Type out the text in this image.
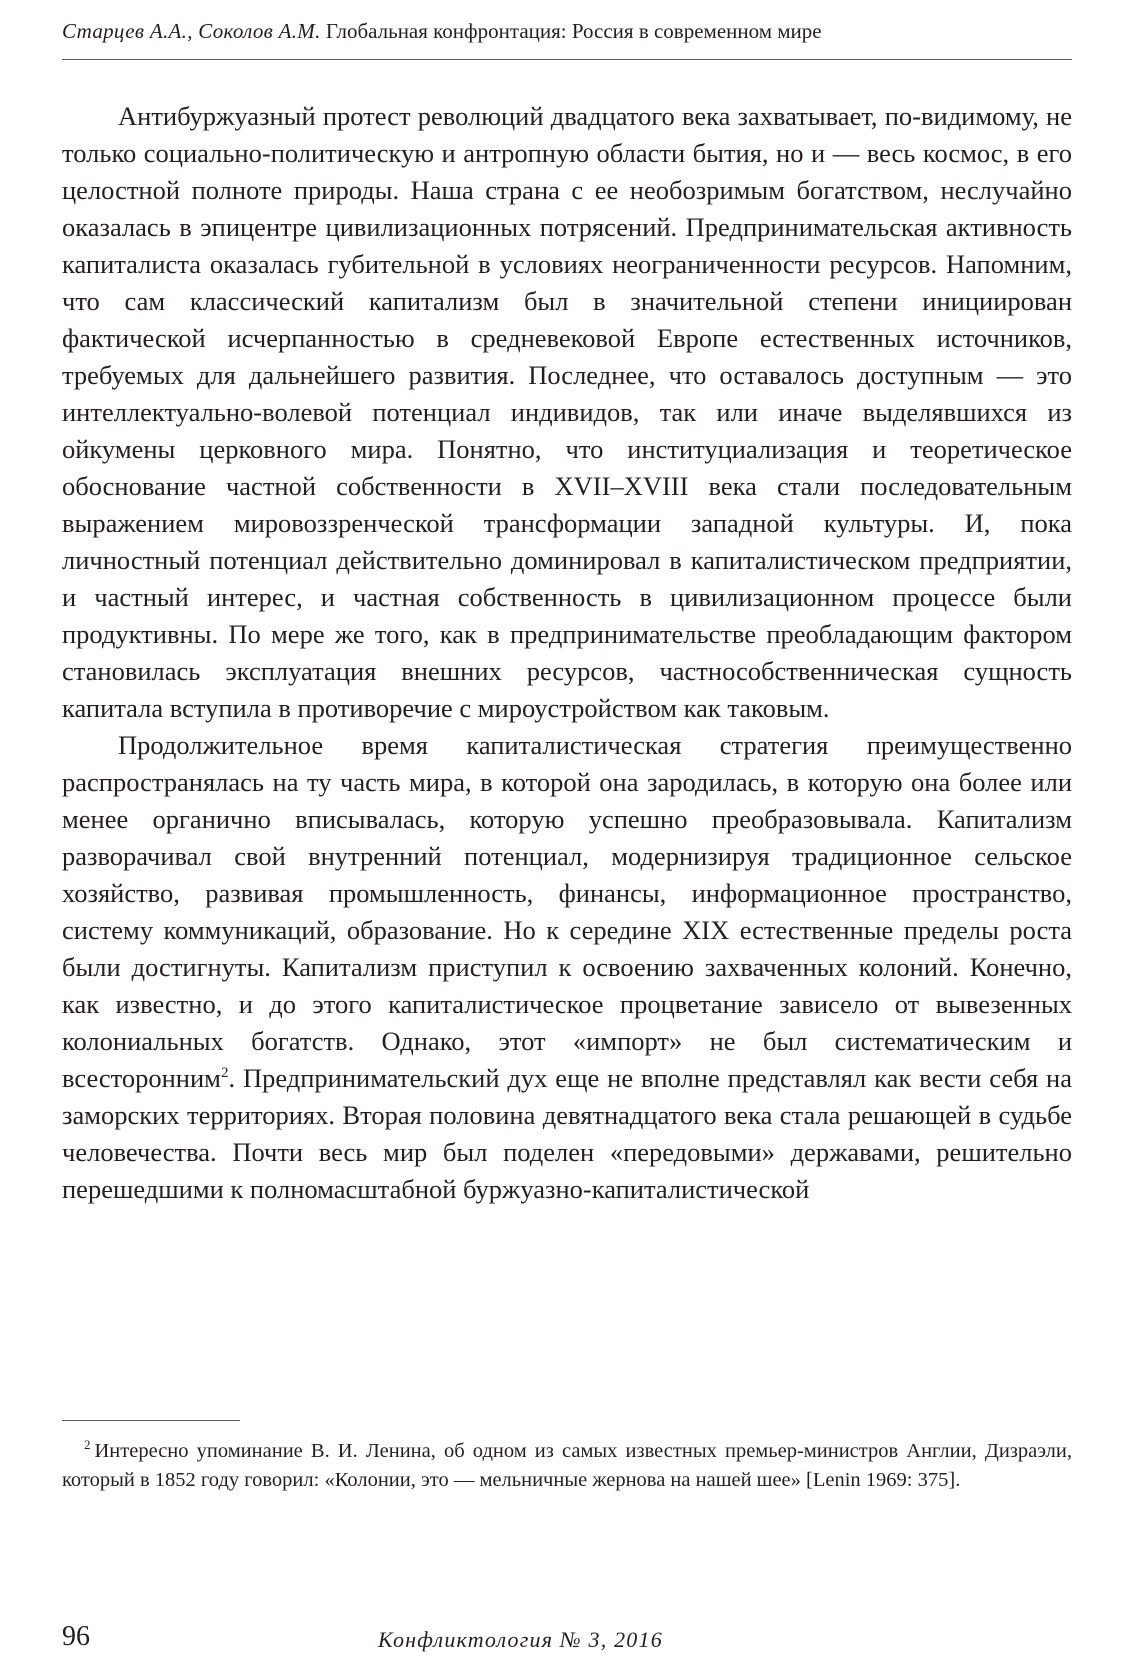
Старцев А.А., Соколов А.М. Глобальная конфронтация: Россия в современном мире

Антибуржуазный протест революций двадцатого века захватывает, по-видимому, не только социально-политическую и антропную области бытия, но и — весь космос, в его целостной полноте природы. Наша страна с ее необозримым богатством, неслучайно оказалась в эпицентре цивилизационных потрясений. Предпринимательская активность капиталиста оказалась губительной в условиях неограниченности ресурсов. Напомним, что сам классический капитализм был в значительной степени инициирован фактической исчерпанностью в средневековой Европе естественных источников, требуемых для дальнейшего развития. Последнее, что оставалось доступным — это интеллектуально-волевой потенциал индивидов, так или иначе выделявшихся из ойкумены церковного мира. Понятно, что институциализация и теоретическое обоснование частной собственности в XVII–XVIII века стали последовательным выражением мировоззренческой трансформации западной культуры. И, пока личностный потенциал действительно доминировал в капиталистическом предприятии, и частный интерес, и частная собственность в цивилизационном процессе были продуктивны. По мере же того, как в предпринимательстве преобладающим фактором становилась эксплуатация внешних ресурсов, частнособственническая сущность капитала вступила в противоречие с мироустройством как таковым.

Продолжительное время капиталистическая стратегия преимущественно распространялась на ту часть мира, в которой она зародилась, в которую она более или менее органично вписывалась, которую успешно преобразовывала. Капитализм разворачивал свой внутренний потенциал, модернизируя традиционное сельское хозяйство, развивая промышленность, финансы, информационное пространство, систему коммуникаций, образование. Но к середине XIX естественные пределы роста были достигнуты. Капитализм приступил к освоению захваченных колоний. Конечно, как известно, и до этого капиталистическое процветание зависело от вывезенных колониальных богатств. Однако, этот «импорт» не был систематическим и всесторонним$^2$. Предпринимательский дух еще не вполне представлял как вести себя на заморских территориях. Вторая половина девятнадцатого века стала решающей в судьбе человечества. Почти весь мир был поделен «передовыми» державами, решительно перешедшими к полномасштабной буржуазно-капиталистической

$^2$ Интересно упоминание В. И. Ленина, об одном из самых известных премьер-министров Англии, Дизраэли, который в 1852 году говорил: «Колонии, это — мельничные жернова на нашей шее» [Lenin 1969: 375].

96	Конфликтология № 3, 2016
